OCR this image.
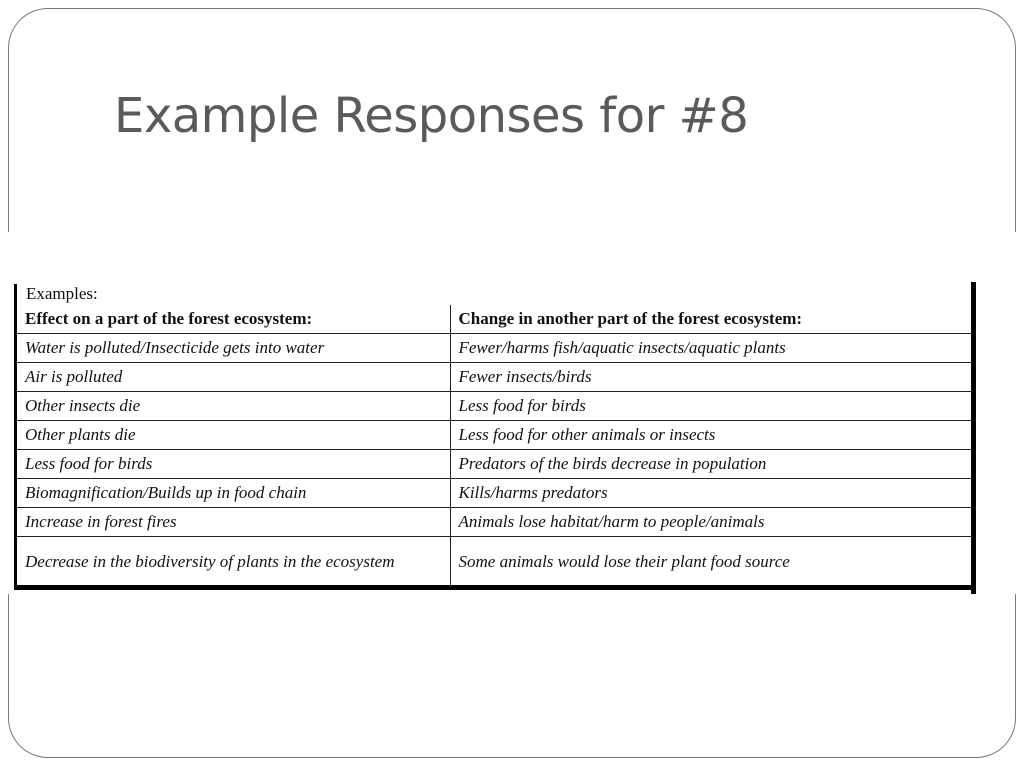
Example Responses for #8
Examples:
Effect on a part of the forest ecosystem:	Change in another part of the forest ecosystem:
Water is polluted/Insecticide gets into water	Fewer/harms fish/aquatic insects/aquatic plants
Air is polluted	Fewer insects/birds
Other insects die	Less food for birds
Other plants die	Less food for other animals or insects
Less food for birds	Predators of the birds decrease in population
Biomagnification/Builds up in food chain	Kills/harms predators
Increase in forest fires	Animals lose habitat/harm to people/animals
Decrease in the biodiversity of plants in the ecosystem	Some animals would lose their plant food source
